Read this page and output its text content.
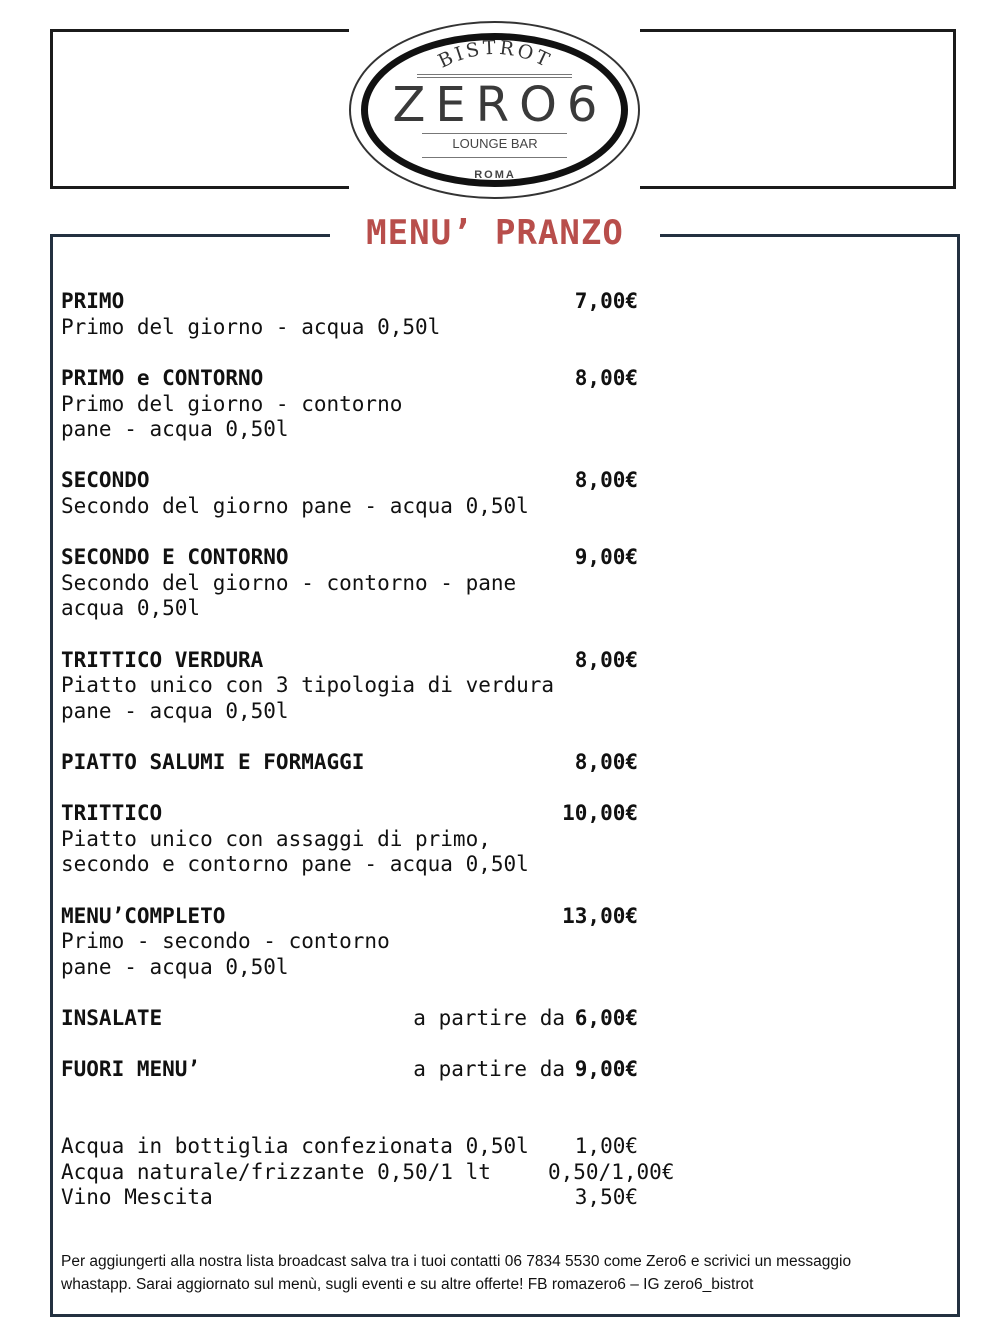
BISTROT
ZERO6
LOUNGE BAR
ROMA
MENU’ PRANZO
PRIMO	7,00€
Primo del giorno - acqua 0,50l
PRIMO e CONTORNO	8,00€
Primo del giorno - contorno
pane - acqua 0,50l
SECONDO	8,00€
Secondo del giorno pane - acqua 0,50l
SECONDO E CONTORNO	9,00€
Secondo del giorno - contorno - pane
acqua 0,50l
TRITTICO VERDURA	8,00€
Piatto unico con 3 tipologia di verdura
pane - acqua 0,50l
PIATTO SALUMI E FORMAGGI	8,00€
TRITTICO	10,00€
Piatto unico con assaggi di primo,
secondo e contorno pane - acqua 0,50l
MENU’COMPLETO	13,00€
Primo - secondo - contorno
pane - acqua 0,50l
INSALATE	a partire da 6,00€
FUORI MENU’	a partire da 9,00€
Acqua in bottiglia confezionata 0,50l	1,00€
Acqua naturale/frizzante 0,50/1 lt	0,50/1,00€
Vino Mescita	3,50€
Per aggiungerti alla nostra lista broadcast salva tra i tuoi contatti 06 7834 5530 come Zero6 e scrivici un messaggio
whastapp. Sarai aggiornato sul menù, sugli eventi e su altre offerte! FB romazero6 – IG zero6_bistrot
